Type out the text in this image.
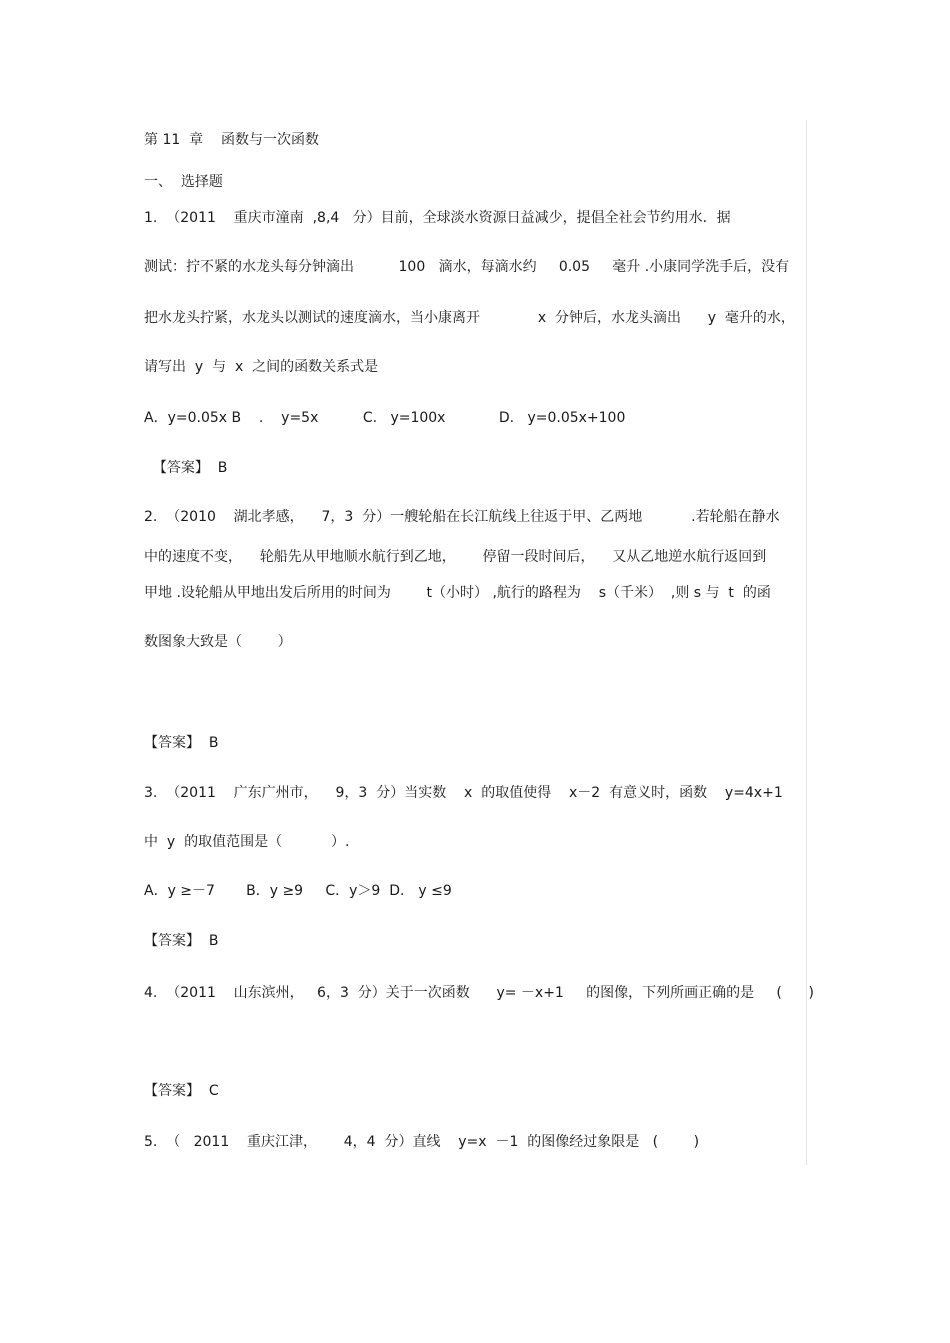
第 11  章    函数与一次函数
一、  选择题
1.  （2011    重庆市潼南  ,8,4   分）目前，全球淡水资源日益减少，提倡全社会节约用水．据
测试：拧不紧的水龙头每分钟滴出          100   滴水，每滴水约     0.05     毫升 .小康同学洗手后，没有
把水龙头拧紧，水龙头以测试的速度滴水，当小康离开             x  分钟后，水龙头滴出      y  毫升的水，
请写出  y  与  x  之间的函数关系式是
A．y=0.05x B    .    y=5x          C.   y=100x            D.   y=0.05x+100
【答案】  B
2.  （2010    湖北孝感，    7，3  分）一艘轮船在长江航线上往返于甲、乙两地           .若轮船在静水
中的速度不变，    轮船先从甲地顺水航行到乙地，      停留一段时间后，    又从乙地逆水航行返回到
甲地 .设轮船从甲地出发后所用的时间为        t（小时） ,航行的路程为    s（千米）  ,则 s 与  t  的函
数图象大致是（        ）
【答案】  B
3.  （2011    广东广州市，    9，3  分）当实数    x  的取值使得    x－2  有意义时，函数    y=4x+1
中  y  的取值范围是（           ）.
A．y ≥－7       B．y ≥9     C．y＞9  D． y ≤9
【答案】  B
4.  （2011    山东滨州，   6，3  分）关于一次函数      y= －x+1     的图像，下列所画正确的是     (      )
【答案】  C
5.  （   2011    重庆江津，      4，4  分）直线    y=x  －1  的图像经过象限是   (        )
